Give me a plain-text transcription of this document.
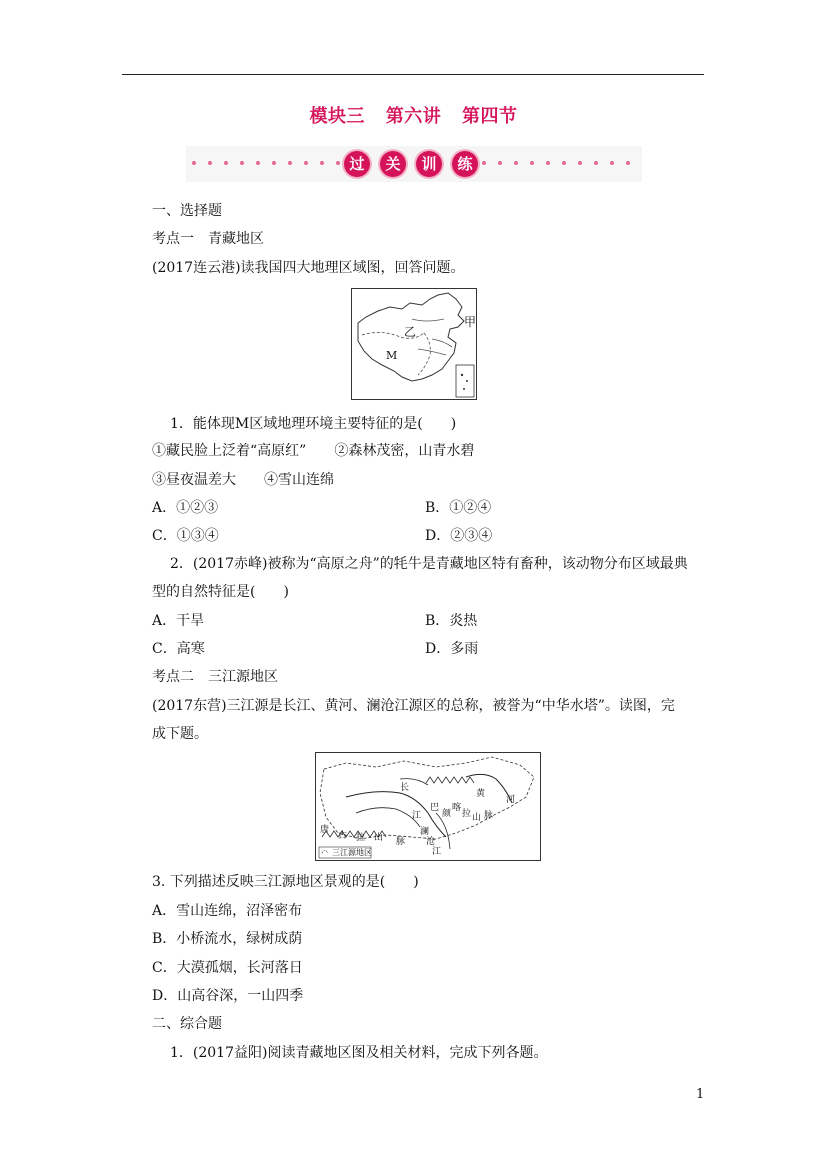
模块三 第六讲 第四节
过 关 训 练
一、选择题
考点一　青藏地区
(2017连云港)读我国四大地理区域图，回答问题。
甲
乙
M
1．能体现M区域地理环境主要特征的是(　　)
①藏民脸上泛着“高原红”　　②森林茂密，山青水碧
③昼夜温差大　　④雪山连绵
A．①②③	B．①②④
C．①③④	D．②③④
2．(2017赤峰)被称为“高原之舟”的牦牛是青藏地区特有畜种，该动物分布区域最典
型的自然特征是(　　)
A．干旱	B．炎热
C．高寒	D．多雨
考点二　三江源地区
(2017东营)三江源是长江、黄河、澜沧江源区的总称，被誉为“中华水塔”。读图，完
成下题。
唐
古 拉 山 脉
长
江
黄
河
澜
沧
江
巴
颜
喀
拉 山 脉
三江源地区
3. 下列描述反映三江源地区景观的是(　　)
A．雪山连绵，沼泽密布
B．小桥流水，绿树成荫
C．大漠孤烟，长河落日
D．山高谷深，一山四季
二、综合题
1．(2017益阳)阅读青藏地区图及相关材料，完成下列各题。
1
